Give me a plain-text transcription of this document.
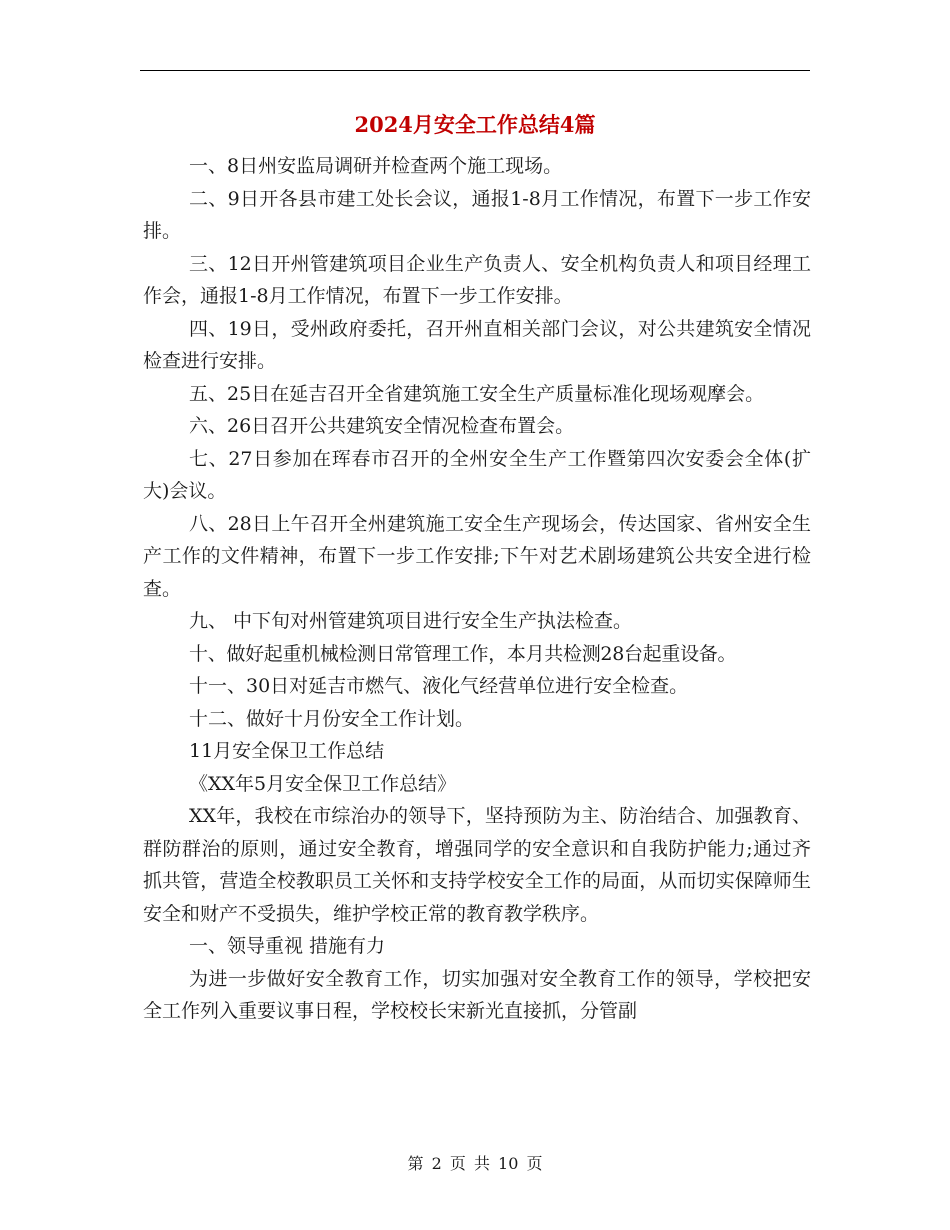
2024月安全工作总结4篇

一、8日州安监局调研并检查两个施工现场。

二、9日开各县市建工处长会议，通报1-8月工作情况，布置下一步工作安排。

三、12日开州管建筑项目企业生产负责人、安全机构负责人和项目经理工作会，通报1-8月工作情况，布置下一步工作安排。

四、19日，受州政府委托，召开州直相关部门会议，对公共建筑安全情况检查进行安排。

五、25日在延吉召开全省建筑施工安全生产质量标准化现场观摩会。

六、26日召开公共建筑安全情况检查布置会。

七、27日参加在珲春市召开的全州安全生产工作暨第四次安委会全体(扩大)会议。

八、28日上午召开全州建筑施工安全生产现场会，传达国家、省州安全生产工作的文件精神，布置下一步工作安排;下午对艺术剧场建筑公共安全进行检查。

九、 中下旬对州管建筑项目进行安全生产执法检查。

十、做好起重机械检测日常管理工作，本月共检测28台起重设备。

十一、30日对延吉市燃气、液化气经营单位进行安全检查。

十二、做好十月份安全工作计划。

11月安全保卫工作总结

《XX年5月安全保卫工作总结》

XX年，我校在市综治办的领导下，坚持预防为主、防治结合、加强教育、群防群治的原则，通过安全教育，增强同学的安全意识和自我防护能力;通过齐抓共管，营造全校教职员工关怀和支持学校安全工作的局面，从而切实保障师生安全和财产不受损失，维护学校正常的教育教学秩序。

一、领导重视 措施有力

为进一步做好安全教育工作，切实加强对安全教育工作的领导，学校把安全工作列入重要议事日程，学校校长宋新光直接抓，分管副

第 2 页 共 10 页
